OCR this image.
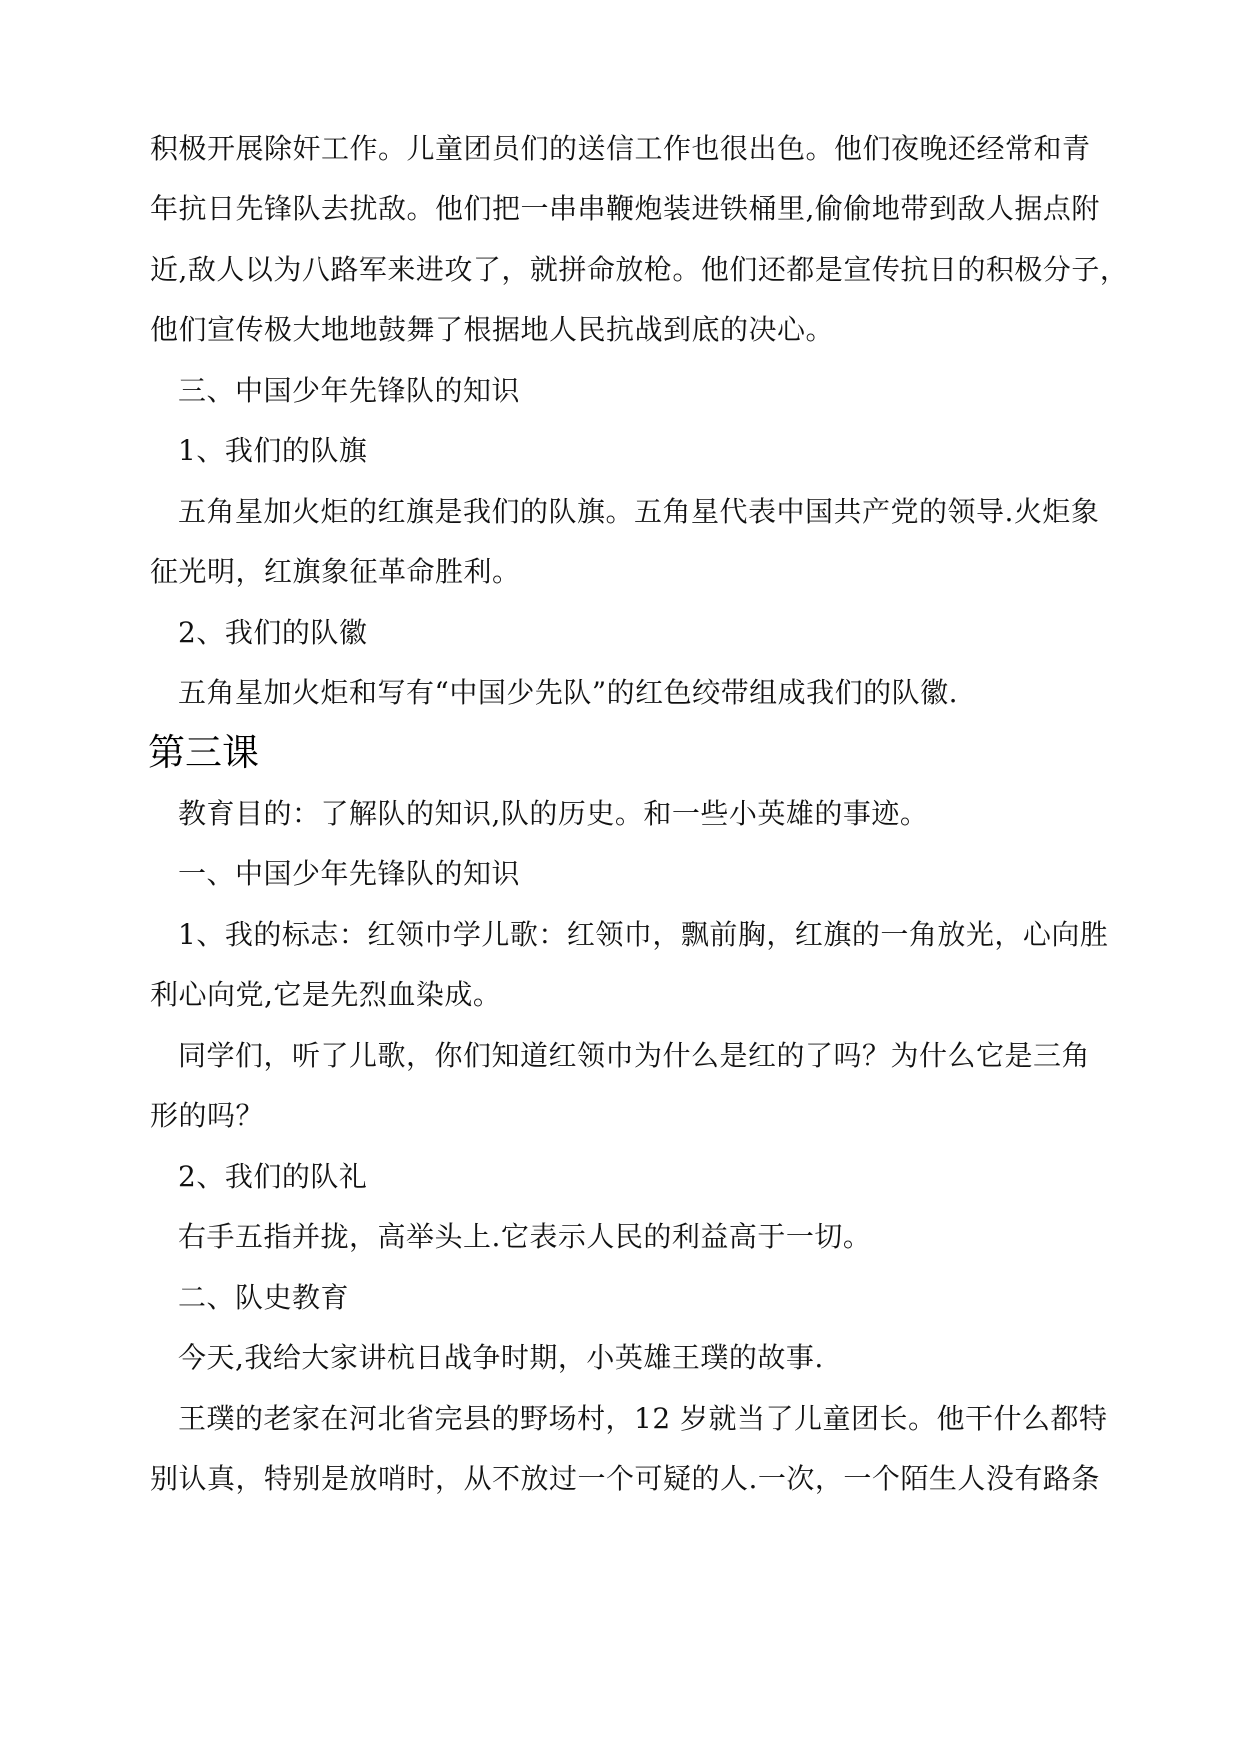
积极开展除奸工作。儿童团员们的送信工作也很出色。他们夜晚还经常和青
年抗日先锋队去扰敌。他们把一串串鞭炮装进铁桶里,偷偷地带到敌人据点附
近,敌人以为八路军来进攻了，就拼命放枪。他们还都是宣传抗日的积极分子，
他们宣传极大地地鼓舞了根据地人民抗战到底的决心。
三、中国少年先锋队的知识
1、我们的队旗
五角星加火炬的红旗是我们的队旗。五角星代表中国共产党的领导.火炬象
征光明，红旗象征革命胜利。
2、我们的队徽
五角星加火炬和写有“中国少先队”的红色绞带组成我们的队徽.
第三课
教育目的：了解队的知识,队的历史。和一些小英雄的事迹。
一、中国少年先锋队的知识
1、我的标志：红领巾学儿歌：红领巾，飘前胸，红旗的一角放光，心向胜
利心向党,它是先烈血染成。
同学们，听了儿歌，你们知道红领巾为什么是红的了吗？为什么它是三角
形的吗？
2、我们的队礼
右手五指并拢，高举头上.它表示人民的利益高于一切。
二、队史教育
今天,我给大家讲杭日战争时期，小英雄王璞的故事.
王璞的老家在河北省完县的野场村，12 岁就当了儿童团长。他干什么都特
别认真，特别是放哨时，从不放过一个可疑的人.一次，一个陌生人没有路条
